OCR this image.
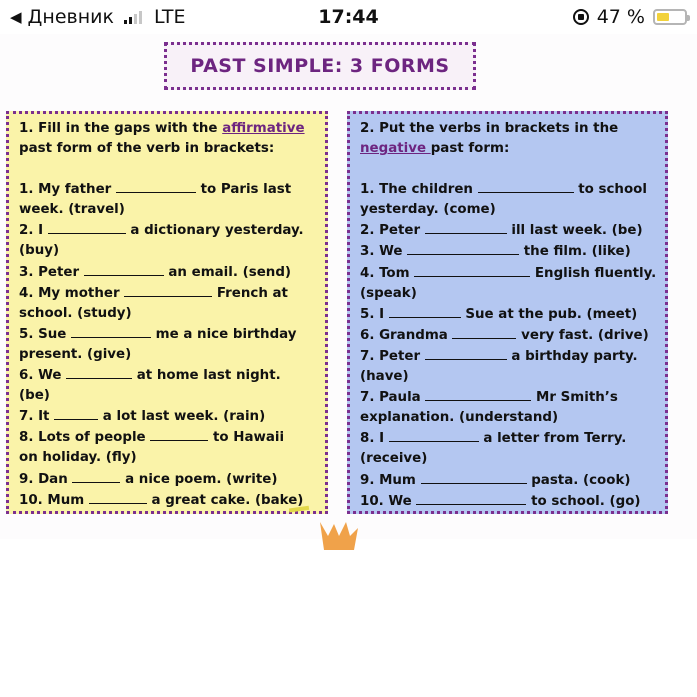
◀ Дневник LTE	17:44	47 %
PAST SIMPLE: 3 FORMS
1. Fill in the gaps with the affirmative past form of the verb in brackets:
1. My father	to Paris last
week. (travel)
2. I	a dictionary yesterday.
(buy)
3. Peter	an email. (send)
4. My mother	French at
school. (study)
5. Sue	me a nice birthday
present. (give)
6. We	at home last night.
(be)
7. It	a lot last week. (rain)
8. Lots of people	to Hawaii
on holiday. (fly)
9. Dan	a nice poem. (write)
10. Mum	a great cake. (bake)
2. Put the verbs in brackets in the negative past form:
1. The children	to school
yesterday. (come)
2. Peter	ill last week. (be)
3. We	the film. (like)
4. Tom	English fluently.
(speak)
5. I	Sue at the pub. (meet)
6. Grandma	very fast. (drive)
7. Peter	a birthday party.
(have)
7. Paula	Mr Smith’s
explanation. (understand)
8. I	a letter from Terry.
(receive)
9. Mum	pasta. (cook)
10. We	to school. (go)
